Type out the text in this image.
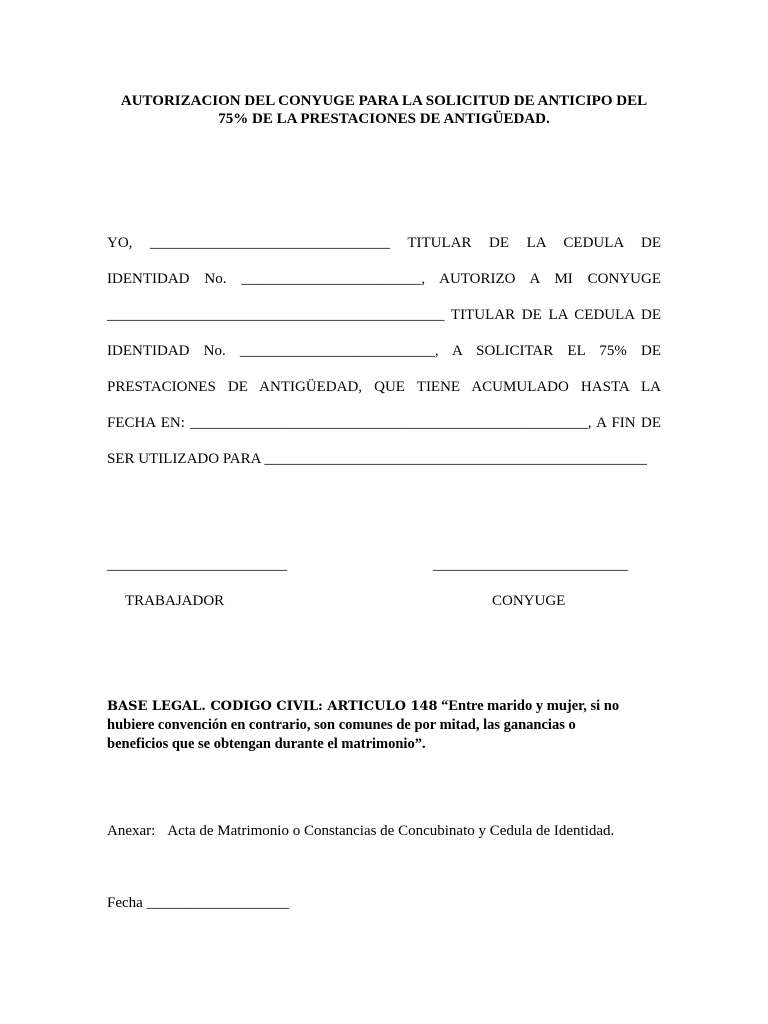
AUTORIZACION DEL CONYUGE PARA LA SOLICITUD DE ANTICIPO DEL
75% DE LA PRESTACIONES DE ANTIGÜEDAD.
YO, ________________________________ TITULAR DE LA CEDULA DE
IDENTIDAD No. ________________________, AUTORIZO A MI CONYUGE
_____________________________________________ TITULAR DE LA CEDULA DE
IDENTIDAD No. __________________________, A SOLICITAR EL 75% DE
PRESTACIONES DE ANTIGÜEDAD, QUE TIENE ACUMULADO HASTA LA
FECHA EN: _____________________________________________________, A FIN DE
SER UTILIZADO PARA ___________________________________________________
________________________	__________________________
TRABAJADOR	CONYUGE
BASE LEGAL. CODIGO CIVIL: ARTICULO 148 “Entre marido y mujer, si no
hubiere convención en contrario, son comunes de por mitad, las ganancias o
beneficios que se obtengan durante el matrimonio”.
Anexar: Acta de Matrimonio o Constancias de Concubinato y Cedula de Identidad.
Fecha ___________________
